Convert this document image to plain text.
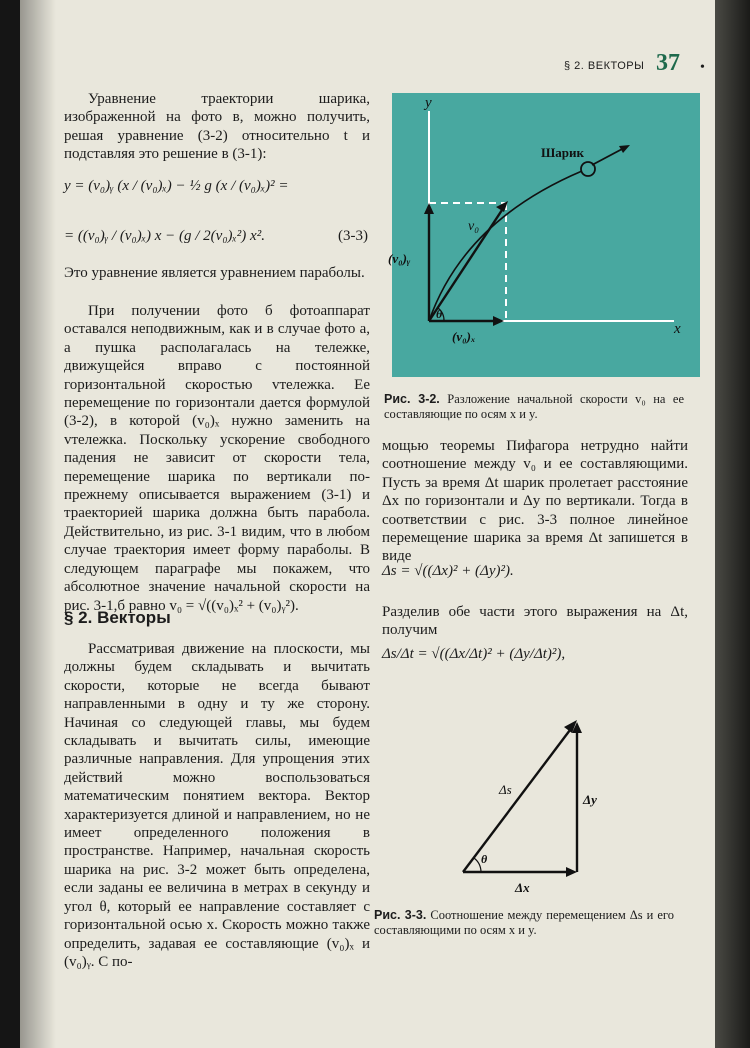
§ 2. ВЕКТОРЫ 37 •
Уравнение траектории шарика, изображенной на фото в, можно получить, решая уравнение (3-2) относительно t и подставляя это решение в (3-1):
y = (v₀)ᵧ (x / (v₀)ₓ) − ½ g (x / (v₀)ₓ)² =
= ((v₀)ᵧ / (v₀)ₓ) x − (g / 2(v₀)ₓ²) x².	(3-3)
Это уравнение является уравнением параболы.
При получении фото б фотоаппарат оставался неподвижным, как и в случае фото а, а пушка располагалась на тележке, движущейся вправо с постоянной горизонтальной скоростью vтележка. Ее перемещение по горизонтали дается формулой (3-2), в которой (v₀)ₓ нужно заменить на vтележка. Поскольку ускорение свободного падения не зависит от скорости тела, перемещение шарика по вертикали по-прежнему описывается выражением (3-1) и траекторией шарика должна быть парабола. Действительно, из рис. 3-1 видим, что в любом случае траектория имеет форму параболы. В следующем параграфе мы покажем, что абсолютное значение начальной скорости на рис. 3-1,б равно v₀ = √((v₀)ₓ² + (v₀)ᵧ²).
§ 2. Векторы
Рассматривая движение на плоскости, мы должны будем складывать и вычитать скорости, которые не всегда бывают направленными в одну и ту же сторону. Начиная со следующей главы, мы будем складывать и вычитать силы, имеющие различные направления. Для упрощения этих действий можно воспользоваться математическим понятием вектора. Вектор характеризуется длиной и направлением, но не имеет определенного положения в пространстве. Например, начальная скорость шарика на рис. 3-2 может быть определена, если заданы ее величина в метрах в секунду и угол θ, который ее направление составляет с горизонтальной осью x. Скорость можно также определить, задавая ее составляющие (v₀)ₓ и (v₀)ᵧ. С по-
y
x
Шарик
v₀
(v₀)ᵧ
(v₀)ₓ
θ
Рис. 3-2. Разложение начальной скорости v₀ на ее составляющие по осям x и y.
мощью теоремы Пифагора нетрудно найти соотношение между v₀ и ее составляющими. Пусть за время Δt шарик пролетает расстояние Δx по горизонтали и Δy по вертикали. Тогда в соответствии с рис. 3-3 полное линейное перемещение шарика за время Δt запишется в виде
Δs = √((Δx)² + (Δy)²).
Разделив обе части этого выражения на Δt, получим
Δs/Δt = √((Δx/Δt)² + (Δy/Δt)²),
Δs
Δy
Δx
θ
Рис. 3-3. Соотношение между перемещением Δs и его составляющими по осям x и y.
